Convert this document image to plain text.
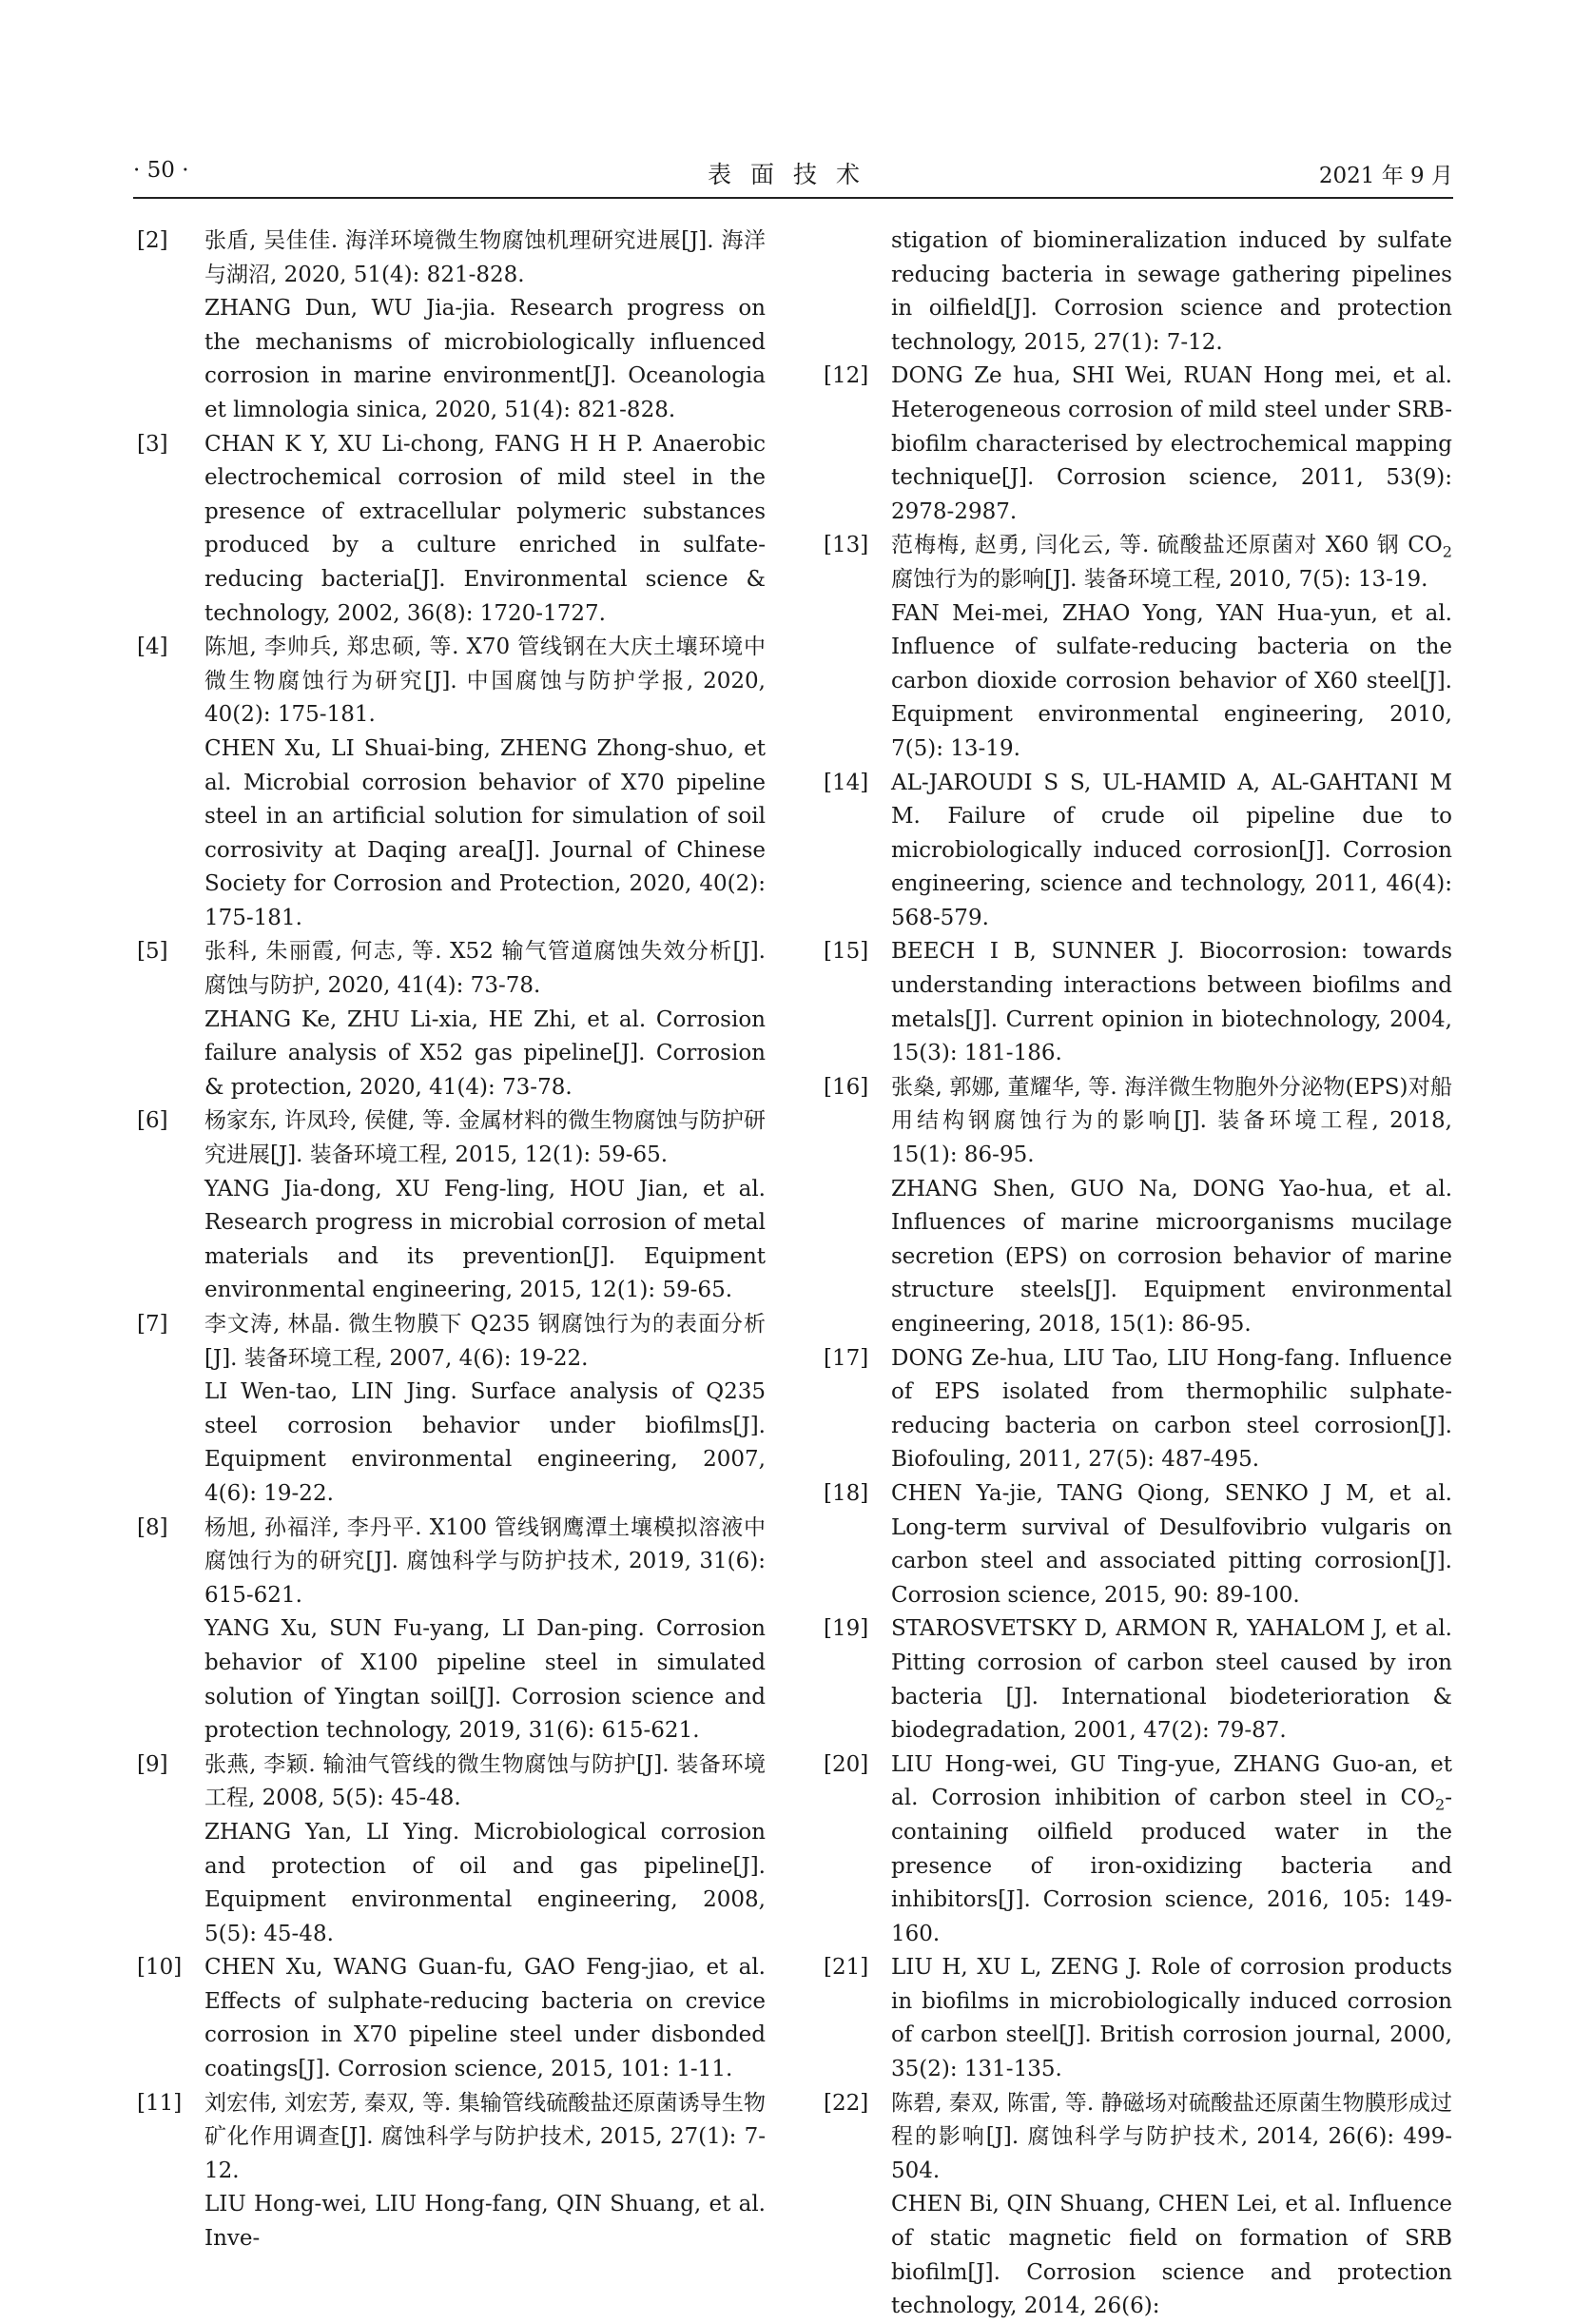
· 50 ·	表面技术	2021 年 9 月
[2] 张盾, 吴佳佳. 海洋环境微生物腐蚀机理研究进展[J]. 海洋与湖沼, 2020, 51(4): 821-828.

ZHANG Dun, WU Jia-jia. Research progress on the mechanisms of microbiologically influenced corrosion in marine environment[J]. Oceanologia et limnologia sinica, 2020, 51(4): 821-828.

[3] CHAN K Y, XU Li-chong, FANG H H P. Anaerobic electrochemical corrosion of mild steel in the presence of extracellular polymeric substances produced by a culture enriched in sulfate-reducing bacteria[J]. Environmental science & technology, 2002, 36(8): 1720-1727.

[4] 陈旭, 李帅兵, 郑忠硕, 等. X70 管线钢在大庆土壤环境中微生物腐蚀行为研究[J]. 中国腐蚀与防护学报, 2020, 40(2): 175-181.

CHEN Xu, LI Shuai-bing, ZHENG Zhong-shuo, et al. Microbial corrosion behavior of X70 pipeline steel in an artificial solution for simulation of soil corrosivity at Daqing area[J]. Journal of Chinese Society for Corrosion and Protection, 2020, 40(2): 175-181.

[5] 张科, 朱丽霞, 何志, 等. X52 输气管道腐蚀失效分析[J]. 腐蚀与防护, 2020, 41(4): 73-78.

ZHANG Ke, ZHU Li-xia, HE Zhi, et al. Corrosion failure analysis of X52 gas pipeline[J]. Corrosion & protection, 2020, 41(4): 73-78.

[6] 杨家东, 许凤玲, 侯健, 等. 金属材料的微生物腐蚀与防护研究进展[J]. 装备环境工程, 2015, 12(1): 59-65.

YANG Jia-dong, XU Feng-ling, HOU Jian, et al. Research progress in microbial corrosion of metal materials and its prevention[J]. Equipment environmental engineering, 2015, 12(1): 59-65.

[7] 李文涛, 林晶. 微生物膜下 Q235 钢腐蚀行为的表面分析[J]. 装备环境工程, 2007, 4(6): 19-22.

LI Wen-tao, LIN Jing. Surface analysis of Q235 steel corrosion behavior under biofilms[J]. Equipment environmental engineering, 2007, 4(6): 19-22.

[8] 杨旭, 孙福洋, 李丹平. X100 管线钢鹰潭土壤模拟溶液中腐蚀行为的研究[J]. 腐蚀科学与防护技术, 2019, 31(6): 615-621.

YANG Xu, SUN Fu-yang, LI Dan-ping. Corrosion behavior of X100 pipeline steel in simulated solution of Yingtan soil[J]. Corrosion science and protection technology, 2019, 31(6): 615-621.

[9] 张燕, 李颖. 输油气管线的微生物腐蚀与防护[J]. 装备环境工程, 2008, 5(5): 45-48.

ZHANG Yan, LI Ying. Microbiological corrosion and protection of oil and gas pipeline[J]. Equipment environmental engineering, 2008, 5(5): 45-48.

[10] CHEN Xu, WANG Guan-fu, GAO Feng-jiao, et al. Effects of sulphate-reducing bacteria on crevice corrosion in X70 pipeline steel under disbonded coatings[J]. Corrosion science, 2015, 101: 1-11.

[11] 刘宏伟, 刘宏芳, 秦双, 等. 集输管线硫酸盐还原菌诱导生物矿化作用调查[J]. 腐蚀科学与防护技术, 2015, 27(1): 7-12.

LIU Hong-wei, LIU Hong-fang, QIN Shuang, et al. Inve-

stigation of biomineralization induced by sulfate reducing bacteria in sewage gathering pipelines in oilfield[J]. Corrosion science and protection technology, 2015, 27(1): 7-12.

[12] DONG Ze hua, SHI Wei, RUAN Hong mei, et al. Heterogeneous corrosion of mild steel under SRB-biofilm characterised by electrochemical mapping technique[J]. Corrosion science, 2011, 53(9): 2978-2987.

[13] 范梅梅, 赵勇, 闫化云, 等. 硫酸盐还原菌对 X60 钢 $CO_2$ 腐蚀行为的影响[J]. 装备环境工程, 2010, 7(5): 13-19.

FAN Mei-mei, ZHAO Yong, YAN Hua-yun, et al. Influence of sulfate-reducing bacteria on the carbon dioxide corrosion behavior of X60 steel[J]. Equipment environmental engineering, 2010, 7(5): 13-19.

[14] AL-JAROUDI S S, UL-HAMID A, AL-GAHTANI M M. Failure of crude oil pipeline due to microbiologically induced corrosion[J]. Corrosion engineering, science and technology, 2011, 46(4): 568-579.

[15] BEECH I B, SUNNER J. Biocorrosion: towards understanding interactions between biofilms and metals[J]. Current opinion in biotechnology, 2004, 15(3): 181-186.

[16] 张燊, 郭娜, 董耀华, 等. 海洋微生物胞外分泌物(EPS)对船用结构钢腐蚀行为的影响[J]. 装备环境工程, 2018, 15(1): 86-95.

ZHANG Shen, GUO Na, DONG Yao-hua, et al. Influences of marine microorganisms mucilage secretion (EPS) on corrosion behavior of marine structure steels[J]. Equipment environmental engineering, 2018, 15(1): 86-95.

[17] DONG Ze-hua, LIU Tao, LIU Hong-fang. Influence of EPS isolated from thermophilic sulphate-reducing bacteria on carbon steel corrosion[J]. Biofouling, 2011, 27(5): 487-495.

[18] CHEN Ya-jie, TANG Qiong, SENKO J M, et al. Long-term survival of Desulfovibrio vulgaris on carbon steel and associated pitting corrosion[J]. Corrosion science, 2015, 90: 89-100.

[19] STAROSVETSKY D, ARMON R, YAHALOM J, et al. Pitting corrosion of carbon steel caused by iron bacteria [J]. International biodeterioration & biodegradation, 2001, 47(2): 79-87.

[20] LIU Hong-wei, GU Ting-yue, ZHANG Guo-an, et al. Corrosion inhibition of carbon steel in $CO_2$-containing oilfield produced water in the presence of iron-oxidizing bacteria and inhibitors[J]. Corrosion science, 2016, 105: 149-160.

[21] LIU H, XU L, ZENG J. Role of corrosion products in biofilms in microbiologically induced corrosion of carbon steel[J]. British corrosion journal, 2000, 35(2): 131-135.

[22] 陈碧, 秦双, 陈雷, 等. 静磁场对硫酸盐还原菌生物膜形成过程的影响[J]. 腐蚀科学与防护技术, 2014, 26(6): 499-504.

CHEN Bi, QIN Shuang, CHEN Lei, et al. Influence of static magnetic field on formation of SRB biofilm[J]. Corrosion science and protection technology, 2014, 26(6):
